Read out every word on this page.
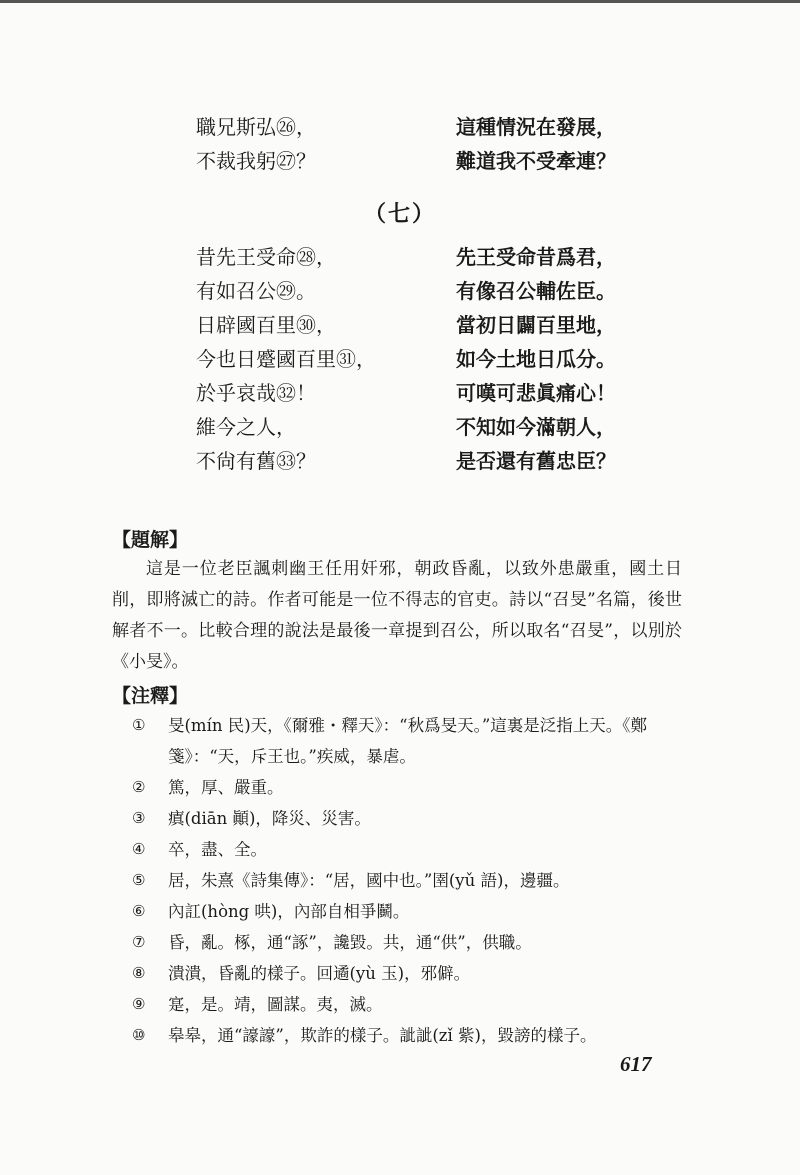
職兄斯弘㉖，	這種情況在發展，
不裁我躬㉗？	難道我不受牽連？
（七）
昔先王受命㉘，	先王受命昔爲君，
有如召公㉙。	有像召公輔佐臣。
日辟國百里㉚，	當初日闢百里地，
今也日蹙國百里㉛，	如今土地日瓜分。
於乎哀哉㉜！	可嘆可悲眞痛心！
維今之人，	不知如今滿朝人，
不尙有舊㉝？	是否還有舊忠臣？
【題解】
這是一位老臣諷刺幽王任用奸邪，朝政昏亂，以致外患嚴重，國土日削，即將滅亡的詩。作者可能是一位不得志的官吏。詩以“召旻”名篇，後世解者不一。比較合理的說法是最後一章提到召公，所以取名“召旻”，以別於《小旻》。
【注釋】
① 旻(mín 民)天，《爾雅・釋天》：“秋爲旻天。”這裏是泛指上天。《鄭箋》：“天，斥王也。”疾威，暴虐。
② 篤，厚、嚴重。
③ 瘨(diān 顚)，降災、災害。
④ 卒，盡、全。
⑤ 居，朱熹《詩集傳》：“居，國中也。”圉(yǔ 語)，邊疆。
⑥ 內訌(hòng 哄)，內部自相爭鬭。
⑦ 昏，亂。椓，通“諑”，讒毀。共，通“供”，供職。
⑧ 潰潰，昏亂的樣子。回遹(yù 玉)，邪僻。
⑨ 寔，是。靖，圖謀。夷，滅。
⑩ 皋皋，通“譹譹”，欺詐的樣子。訿訿(zǐ 紫)，毀謗的樣子。
617
